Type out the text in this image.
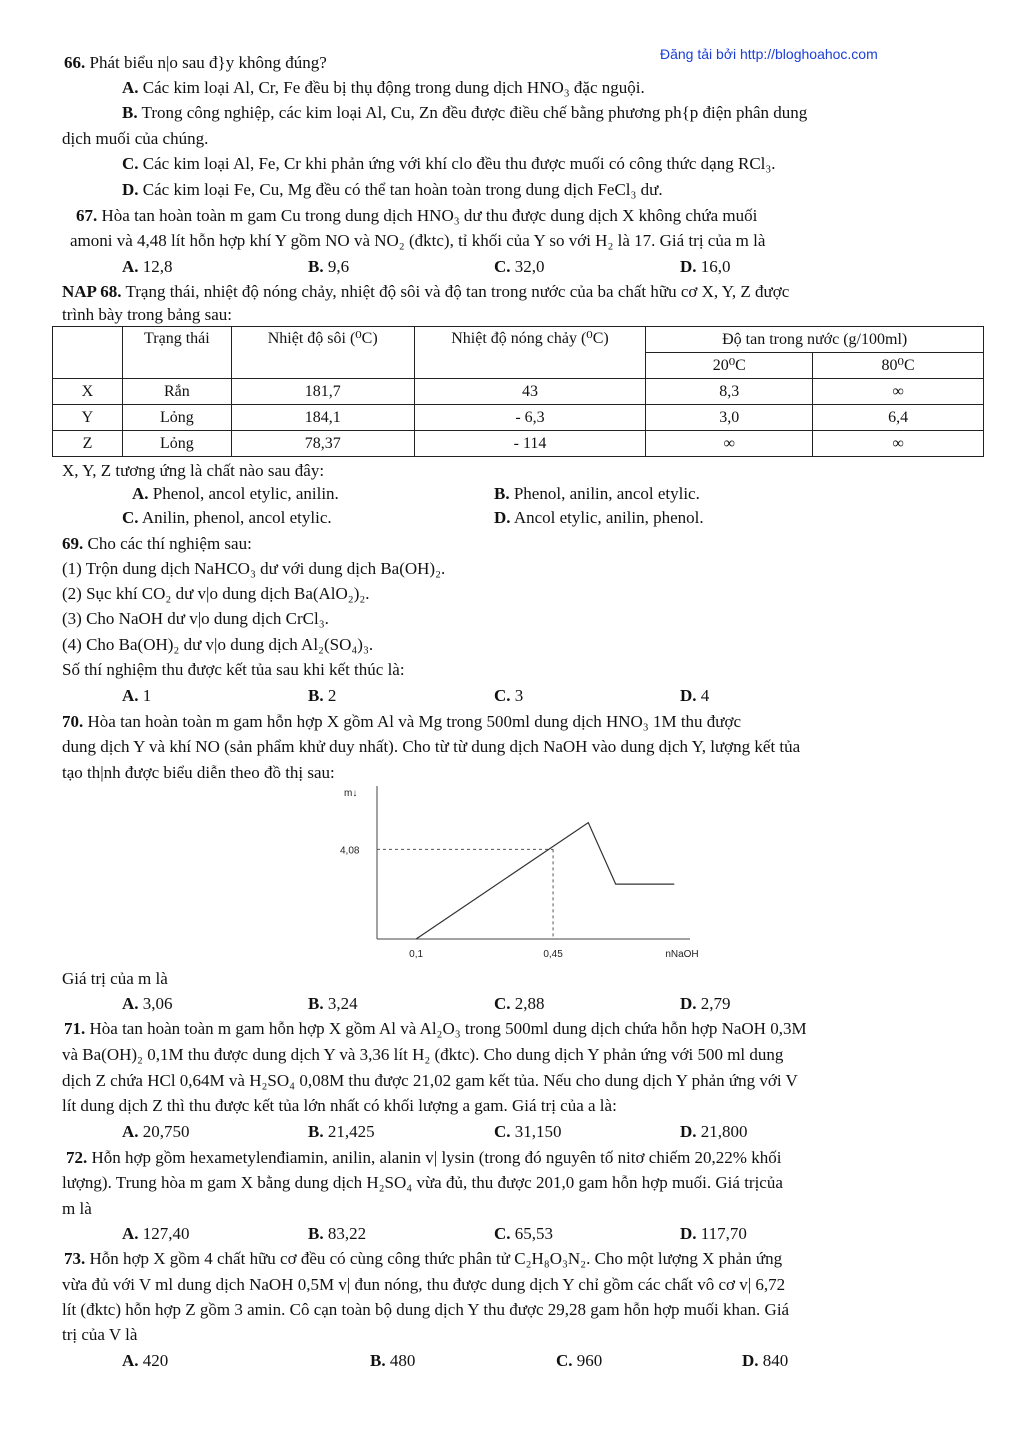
Đăng tải bởi http://bloghoahoc.com
66. Phát biểu n|o sau đ}y không đúng?
A. Các kim loại Al, Cr, Fe đều bị thụ động trong dung dịch HNO₃ đặc nguội.
B. Trong công nghiệp, các kim loại Al, Cu, Zn đều được điều chế bằng phương ph{p điện phân dung
dịch muối của chúng.
C. Các kim loại Al, Fe, Cr khi phản ứng với khí clo đều thu được muối có công thức dạng RCl₃.
D. Các kim loại Fe, Cu, Mg đều có thể tan hoàn toàn trong dung dịch FeCl₃ dư.
67. Hòa tan hoàn toàn m gam Cu trong dung dịch HNO₃ dư thu được dung dịch X không chứa muối
amoni và 4,48 lít hỗn hợp khí Y gồm NO và NO₂ (đktc), tỉ khối của Y so với H₂ là 17. Giá trị của m là
A. 12,8	B. 9,6	C. 32,0	D. 16,0
NAP 68. Trạng thái, nhiệt độ nóng chảy, nhiệt độ sôi và độ tan trong nước của ba chất hữu cơ X, Y, Z được
trình bày trong bảng sau:
	Trạng thái	Nhiệt độ sôi (⁰C)	Nhiệt độ nóng chảy (⁰C)	Độ tan trong nước (g/100ml)	
				20⁰C	80⁰C
X	Rắn	181,7	43	8,3	∞
Y	Lỏng	184,1	- 6,3	3,0	6,4
Z	Lỏng	78,37	- 114	∞	∞
X, Y, Z tương ứng là chất nào sau đây:
A. Phenol, ancol etylic, anilin.	B. Phenol, anilin, ancol etylic.
C. Anilin, phenol, ancol etylic.	D. Ancol etylic, anilin, phenol.
69. Cho các thí nghiệm sau:
(1) Trộn dung dịch NaHCO₃ dư với dung dịch Ba(OH)₂.
(2) Sục khí CO₂ dư v|o dung dịch Ba(AlO₂)₂.
(3) Cho NaOH dư v|o dung dịch CrCl₃.
(4) Cho Ba(OH)₂ dư v|o dung dịch Al₂(SO₄)₃.
Số thí nghiệm thu được kết tủa sau khi kết thúc là:
A. 1	B. 2	C. 3	D. 4
70. Hòa tan hoàn toàn m gam hỗn hợp X gồm Al và Mg trong 500ml dung dịch HNO₃ 1M thu được
dung dịch Y và khí NO (sản phẩm khử duy nhất). Cho từ từ dung dịch NaOH vào dung dịch Y, lượng kết tủa
tạo th|nh được biểu diễn theo đồ thị sau:
m↓
4,08
0,1	0,45	nNaOH
Giá trị của m là
A. 3,06	B. 3,24	C. 2,88	D. 2,79
71. Hòa tan hoàn toàn m gam hỗn hợp X gồm Al và Al₂O₃ trong 500ml dung dịch chứa hỗn hợp NaOH 0,3M
và Ba(OH)₂ 0,1M thu được dung dịch Y và 3,36 lít H₂ (đktc). Cho dung dịch Y phản ứng với 500 ml dung
dịch Z chứa HCl 0,64M và H₂SO₄ 0,08M thu được 21,02 gam kết tủa. Nếu cho dung dịch Y phản ứng với V
lít dung dịch Z thì thu được kết tủa lớn nhất có khối lượng a gam. Giá trị của a là:
A. 20,750	B. 21,425	C. 31,150	D. 21,800
72. Hỗn hợp gồm hexametylenđiamin, anilin, alanin v| lysin (trong đó nguyên tố nitơ chiếm 20,22% khối
lượng). Trung hòa m gam X bằng dung dịch H₂SO₄ vừa đủ, thu được 201,0 gam hỗn hợp muối. Giá trịcủa
m là
A. 127,40	B. 83,22	C. 65,53	D. 117,70
73. Hỗn hợp X gồm 4 chất hữu cơ đều có cùng công thức phân tử C₂H₈O₃N₂. Cho một lượng X phản ứng
vừa đủ với V ml dung dịch NaOH 0,5M v| đun nóng, thu được dung dịch Y chỉ gồm các chất vô cơ v| 6,72
lít (đktc) hỗn hợp Z gồm 3 amin. Cô cạn toàn bộ dung dịch Y thu được 29,28 gam hỗn hợp muối khan. Giá
trị của V là
A. 420	B. 480	C. 960	D. 840
